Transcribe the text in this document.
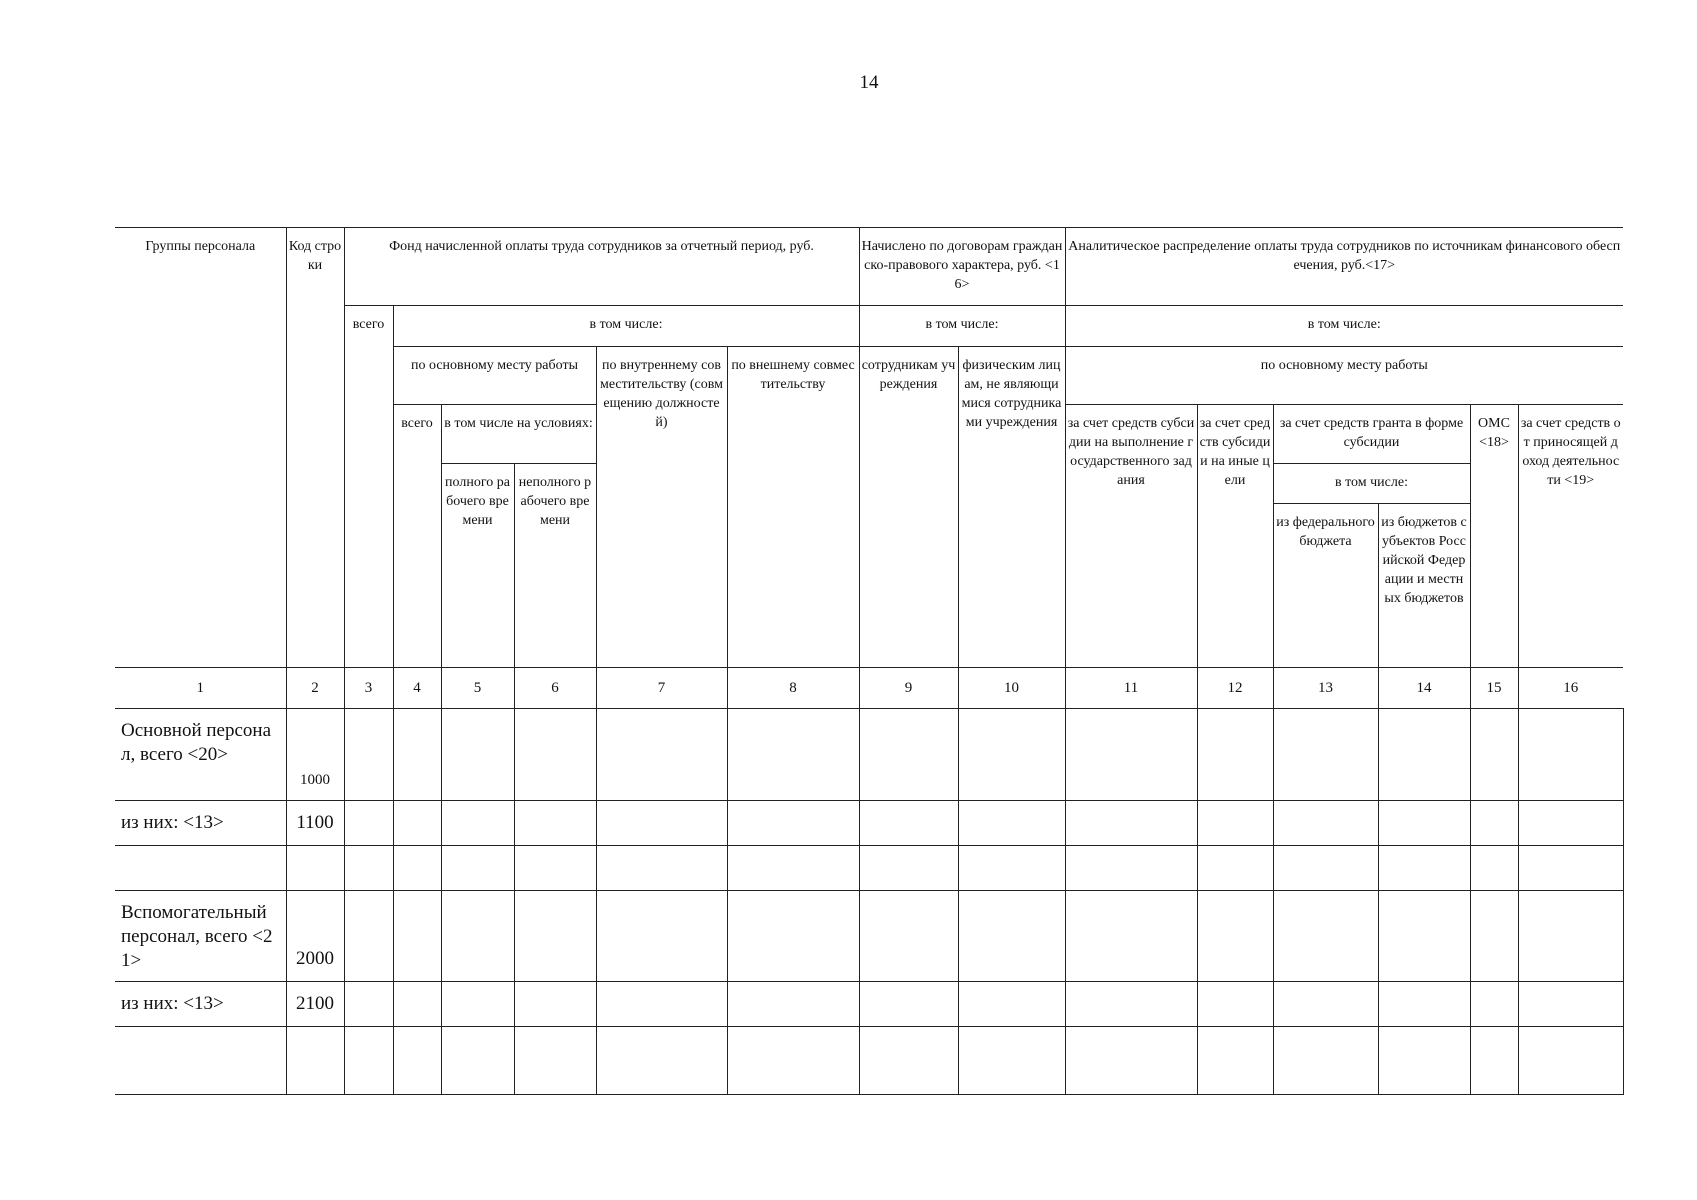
14
Группы персонала	Код строки	Фонд начисленной оплаты труда сотрудников за отчетный период, руб.						Начислено по договорам гражданско-правового характера, руб. <16>		Аналитическое распределение оплаты труда сотрудников по источникам финансового обеспечения, руб.<17>					
		всего	в том числе:					в том числе:		в том числе:					
			по основному месту работы			по внутреннему совместительству (совмещению должностей)	по внешнему совместительству	сотрудникам учреждения	физическим лицам, не являющимися сотрудниками учреждения	по основному месту работы					
			всего	в том числе на условиях:						за счет средств субсидии на выполнение государственного задания	за счет средств субсидии на иные цели	за счет средств гранта в форме субсидии		ОМС <18>	за счет средств от приносящей доход деятельности <19>
				полного рабочего времени	неполного рабочего времени							в том числе:			
												из федерального бюджета	из бюджетов субъектов Российской Федерации и местных бюджетов		

1	2	3	4	5	6	7	8	9	10	11	12	13	14	15	16
Основной персонал, всего <20>	1000														
из них: <13>	1100														

Вспомогательный персонал, всего <21>	2000														
из них: <13>	2100														
